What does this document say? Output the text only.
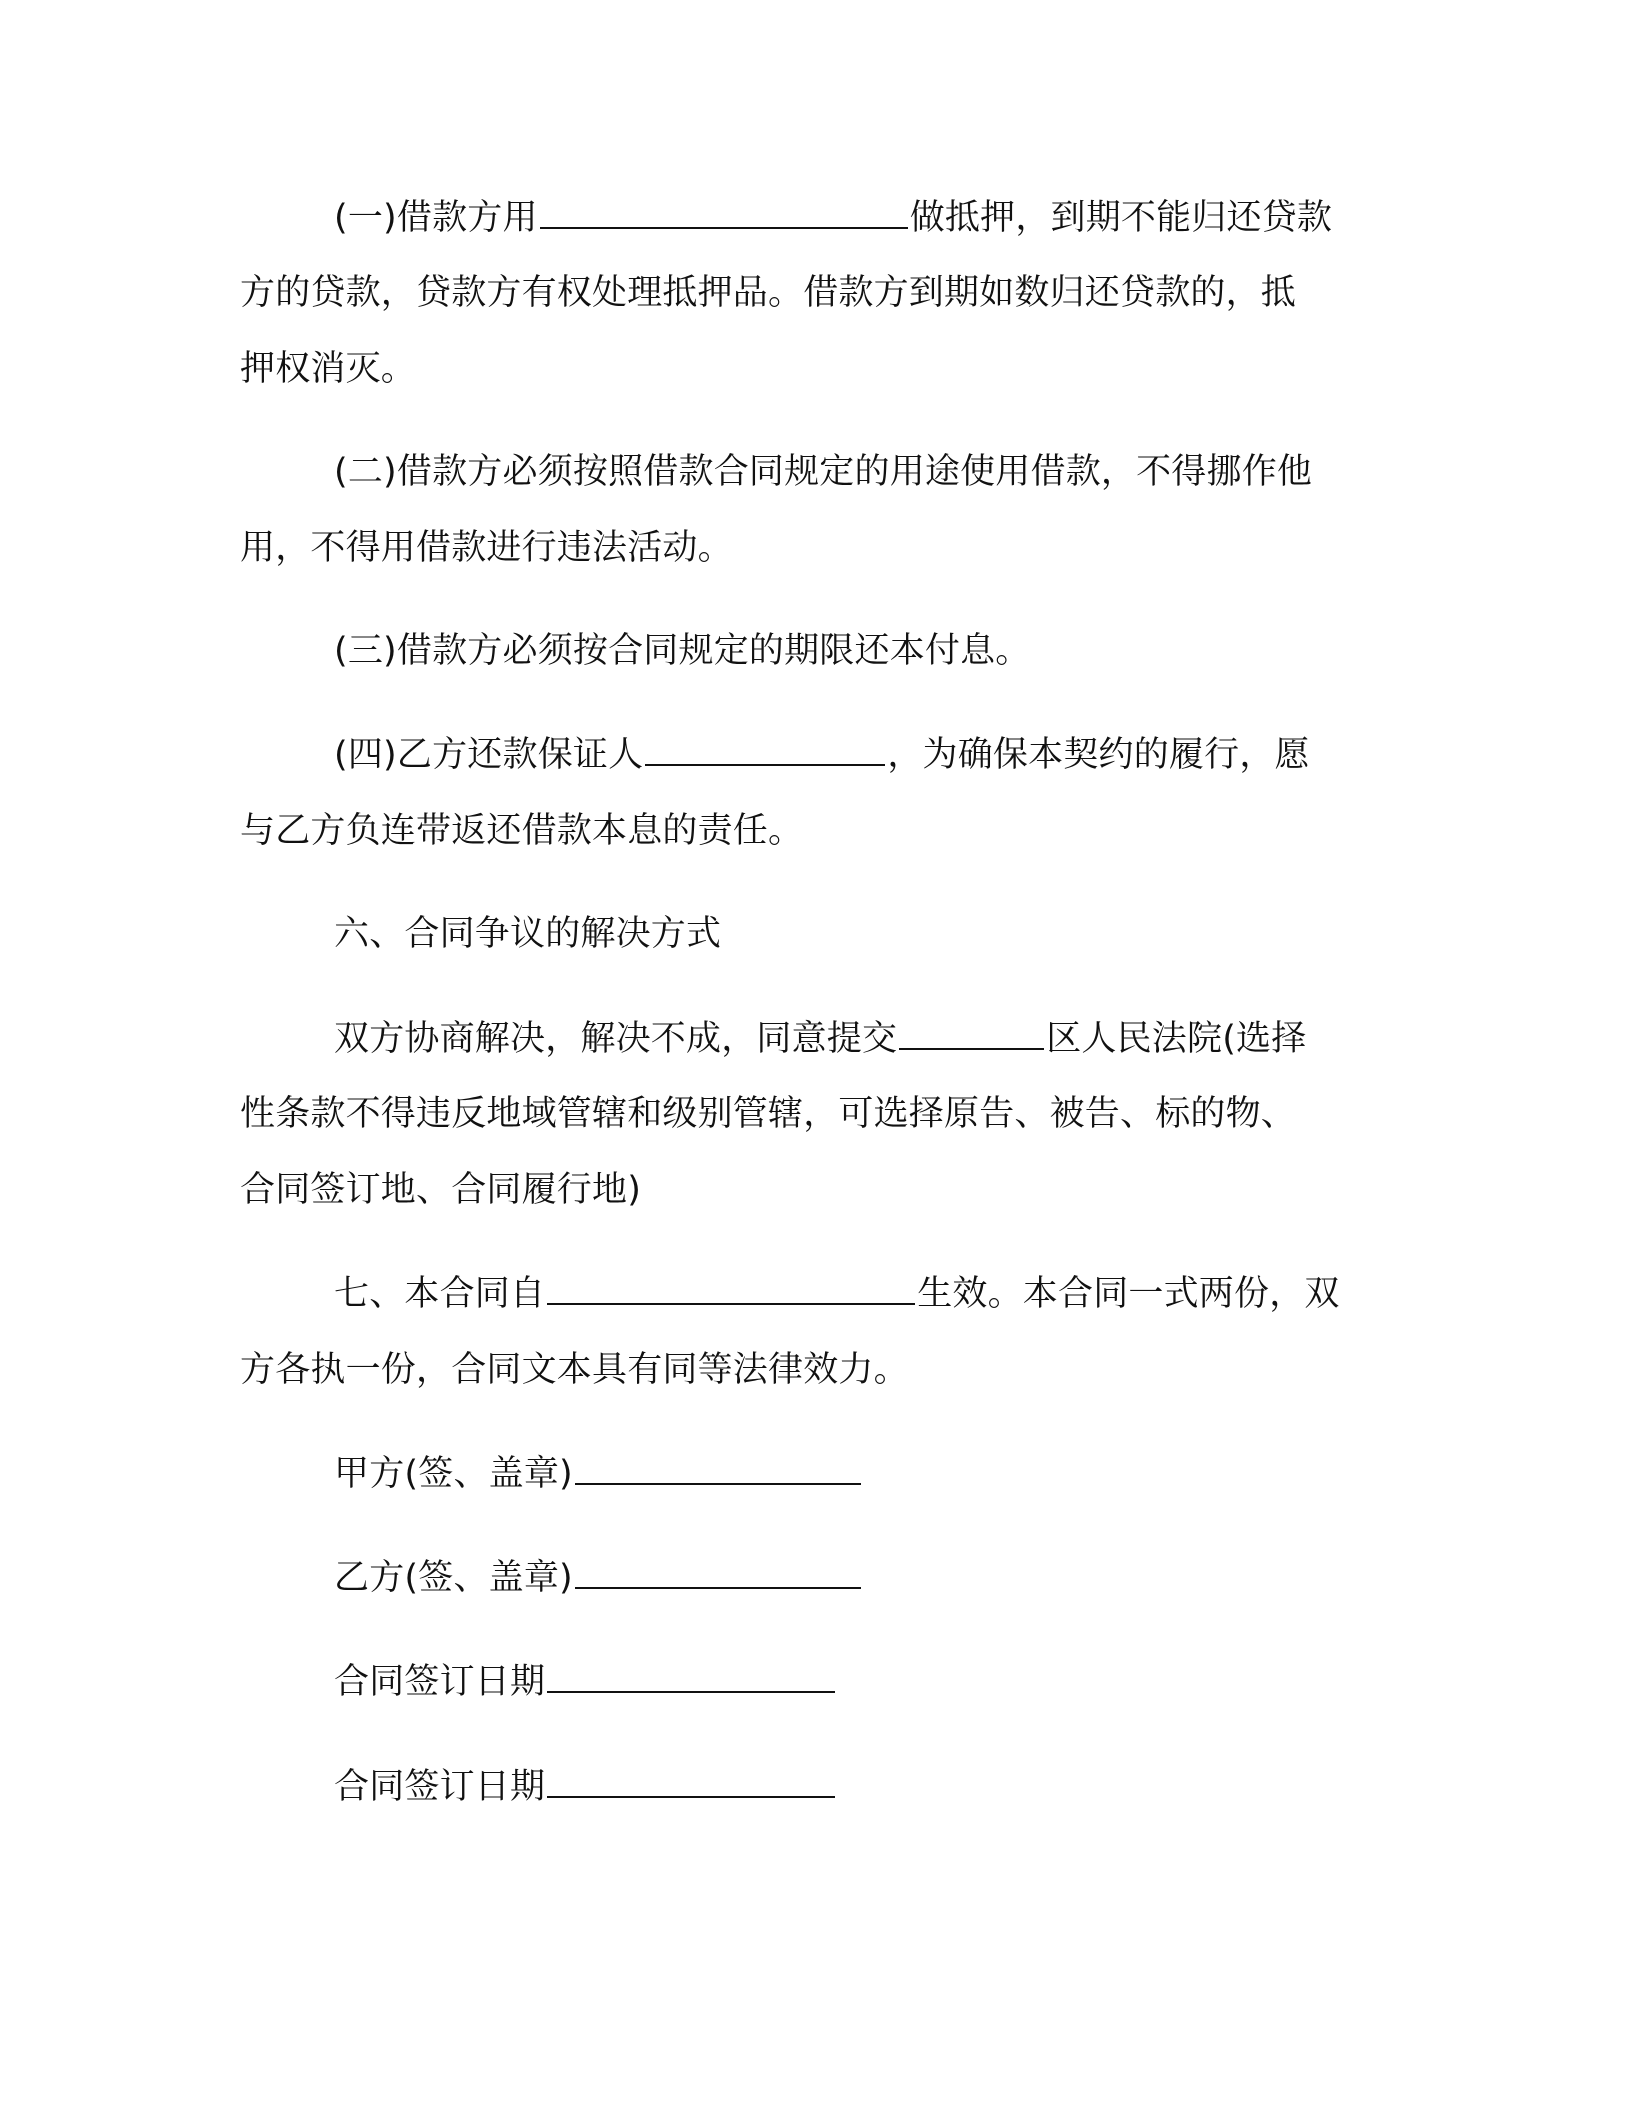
(一)借款方用	做抵押，到期不能归还贷款
方的贷款，贷款方有权处理抵押品。借款方到期如数归还贷款的，抵
押权消灭。
(二)借款方必须按照借款合同规定的用途使用借款，不得挪作他
用，不得用借款进行违法活动。
(三)借款方必须按合同规定的期限还本付息。
(四)乙方还款保证人	，为确保本契约的履行，愿
与乙方负连带返还借款本息的责任。
六、合同争议的解决方式
双方协商解决，解决不成，同意提交	区人民法院(选择
性条款不得违反地域管辖和级别管辖，可选择原告、被告、标的物、
合同签订地、合同履行地)
七、本合同自	生效。本合同一式两份，双
方各执一份，合同文本具有同等法律效力。
甲方(签、盖章)
乙方(签、盖章)
合同签订日期
合同签订日期
